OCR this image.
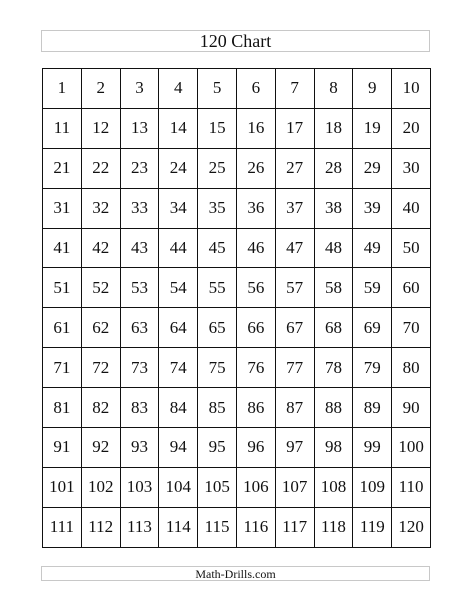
120 Chart
1	2	3	4	5	6	7	8	9	10
11	12	13	14	15	16	17	18	19	20
21	22	23	24	25	26	27	28	29	30
31	32	33	34	35	36	37	38	39	40
41	42	43	44	45	46	47	48	49	50
51	52	53	54	55	56	57	58	59	60
61	62	63	64	65	66	67	68	69	70
71	72	73	74	75	76	77	78	79	80
81	82	83	84	85	86	87	88	89	90
91	92	93	94	95	96	97	98	99	100
101	102	103	104	105	106	107	108	109	110
111	112	113	114	115	116	117	118	119	120
Math-Drills.com
